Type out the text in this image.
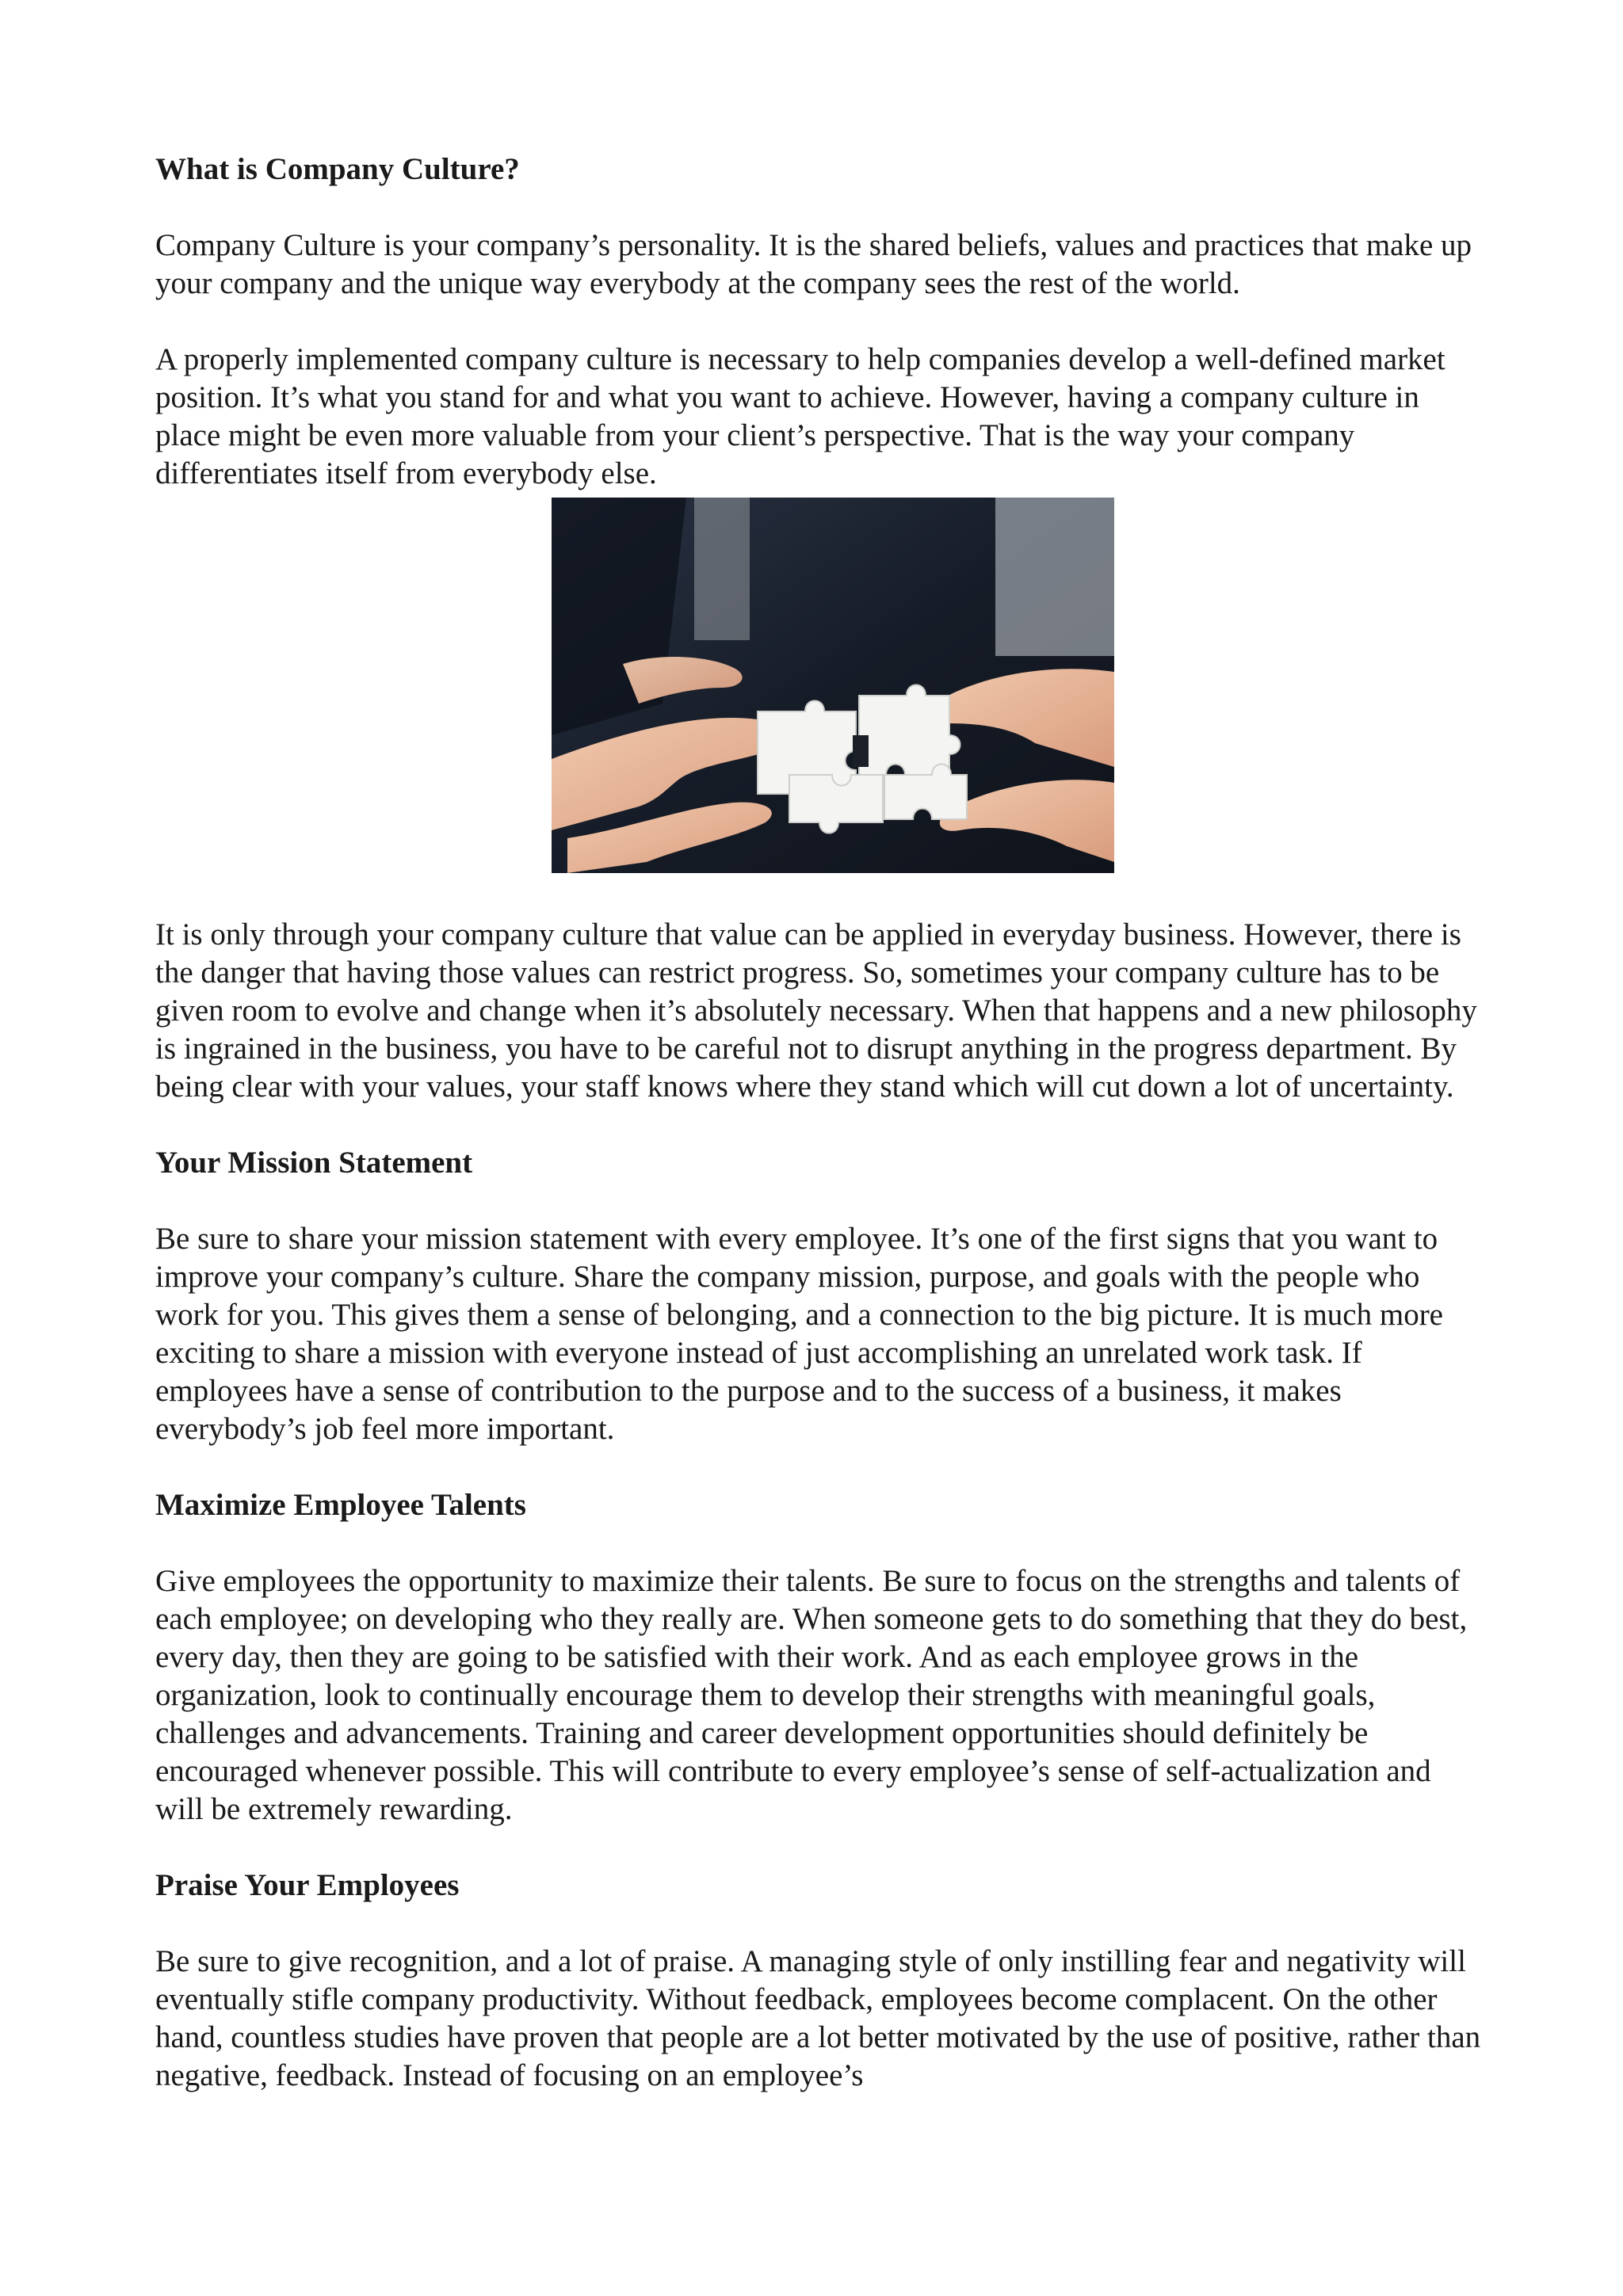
What is Company Culture?

Company Culture is your company’s personality. It is the shared beliefs, values and practices that make up your company and the unique way everybody at the company sees the rest of the world.

A properly implemented company culture is necessary to help companies develop a well-defined market position. It’s what you stand for and what you want to achieve. However, having a company culture in place might be even more valuable from your client’s perspective. That is the way your company differentiates itself from everybody else.

It is only through your company culture that value can be applied in everyday business. However, there is the danger that having those values can restrict progress. So, sometimes your company culture has to be given room to evolve and change when it’s absolutely necessary. When that happens and a new philosophy is ingrained in the business, you have to be careful not to disrupt anything in the progress department. By being clear with your values, your staff knows where they stand which will cut down a lot of uncertainty.

Your Mission Statement

Be sure to share your mission statement with every employee. It’s one of the first signs that you want to improve your company’s culture. Share the company mission, purpose, and goals with the people who work for you. This gives them a sense of belonging, and a connection to the big picture. It is much more exciting to share a mission with everyone instead of just accomplishing an unrelated work task. If employees have a sense of contribution to the purpose and to the success of a business, it makes everybody’s job feel more important.

Maximize Employee Talents

Give employees the opportunity to maximize their talents. Be sure to focus on the strengths and talents of each employee; on developing who they really are. When someone gets to do something that they do best, every day, then they are going to be satisfied with their work. And as each employee grows in the organization, look to continually encourage them to develop their strengths with meaningful goals, challenges and advancements. Training and career development opportunities should definitely be encouraged whenever possible. This will contribute to every employee’s sense of self-actualization and will be extremely rewarding.

Praise Your Employees

Be sure to give recognition, and a lot of praise. A managing style of only instilling fear and negativity will eventually stifle company productivity. Without feedback, employees become complacent. On the other hand, countless studies have proven that people are a lot better motivated by the use of positive, rather than negative, feedback. Instead of focusing on an employee’s
